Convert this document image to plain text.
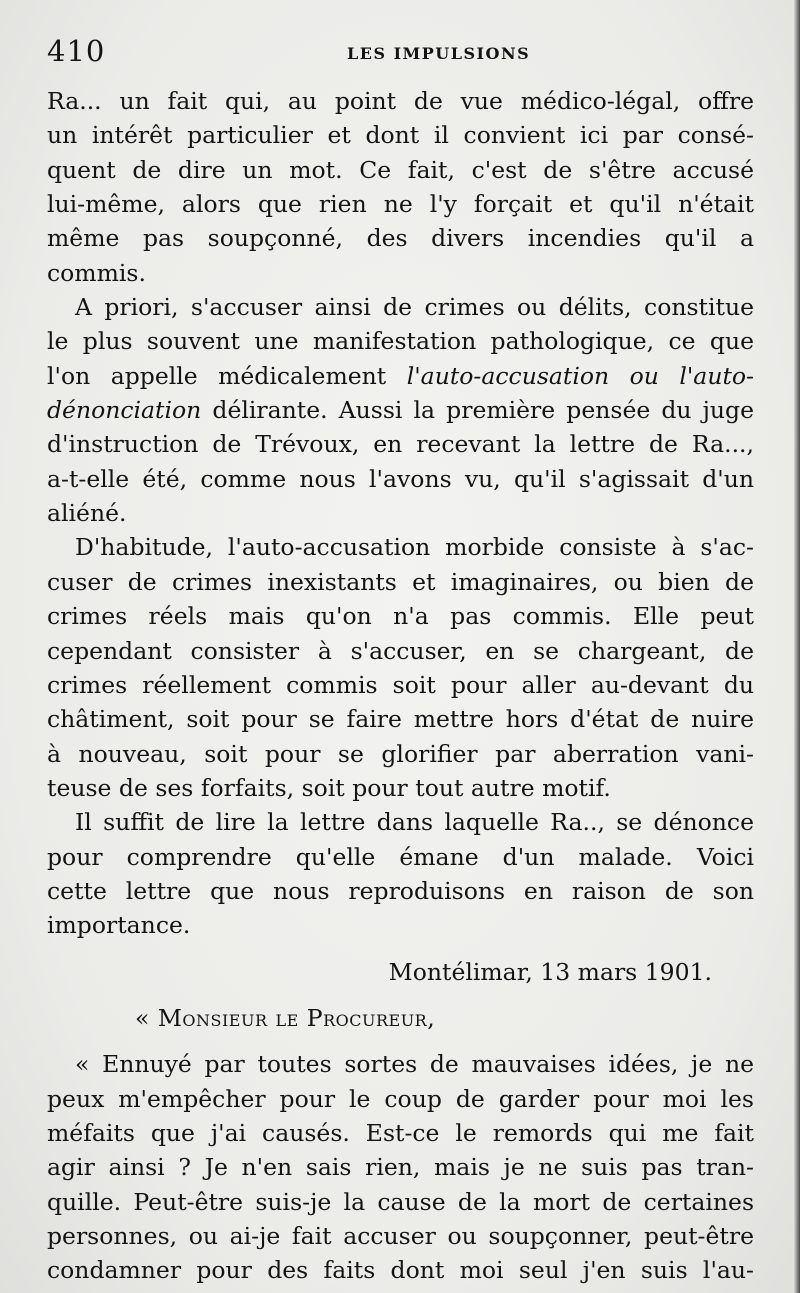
410	LES IMPULSIONS
Ra... un fait qui, au point de vue médico-légal, offre
un intérêt particulier et dont il convient ici par consé-
quent de dire un mot. Ce fait, c'est de s'être accusé
lui-même, alors que rien ne l'y forçait et qu'il n'était
même pas soupçonné, des divers incendies qu'il a
commis.
A priori, s'accuser ainsi de crimes ou délits, constitue
le plus souvent une manifestation pathologique, ce que
l'on appelle médicalement l'auto-accusation ou l'auto-
dénonciation délirante. Aussi la première pensée du juge
d'instruction de Trévoux, en recevant la lettre de Ra...,
a-t-elle été, comme nous l'avons vu, qu'il s'agissait d'un
aliéné.
D'habitude, l'auto-accusation morbide consiste à s'ac-
cuser de crimes inexistants et imaginaires, ou bien de
crimes réels mais qu'on n'a pas commis. Elle peut
cependant consister à s'accuser, en se chargeant, de
crimes réellement commis soit pour aller au-devant du
châtiment, soit pour se faire mettre hors d'état de nuire
à nouveau, soit pour se glorifier par aberration vani-
teuse de ses forfaits, soit pour tout autre motif.
Il suffit de lire la lettre dans laquelle Ra.., se dénonce
pour comprendre qu'elle émane d'un malade. Voici
cette lettre que nous reproduisons en raison de son
importance.
Montélimar, 13 mars 1901.
« Monsieur le Procureur,
« Ennuyé par toutes sortes de mauvaises idées, je ne
peux m'empêcher pour le coup de garder pour moi les
méfaits que j'ai causés. Est-ce le remords qui me fait
agir ainsi ? Je n'en sais rien, mais je ne suis pas tran-
quille. Peut-être suis-je la cause de la mort de certaines
personnes, ou ai-je fait accuser ou soupçonner, peut-être
condamner pour des faits dont moi seul j'en suis l'au-
